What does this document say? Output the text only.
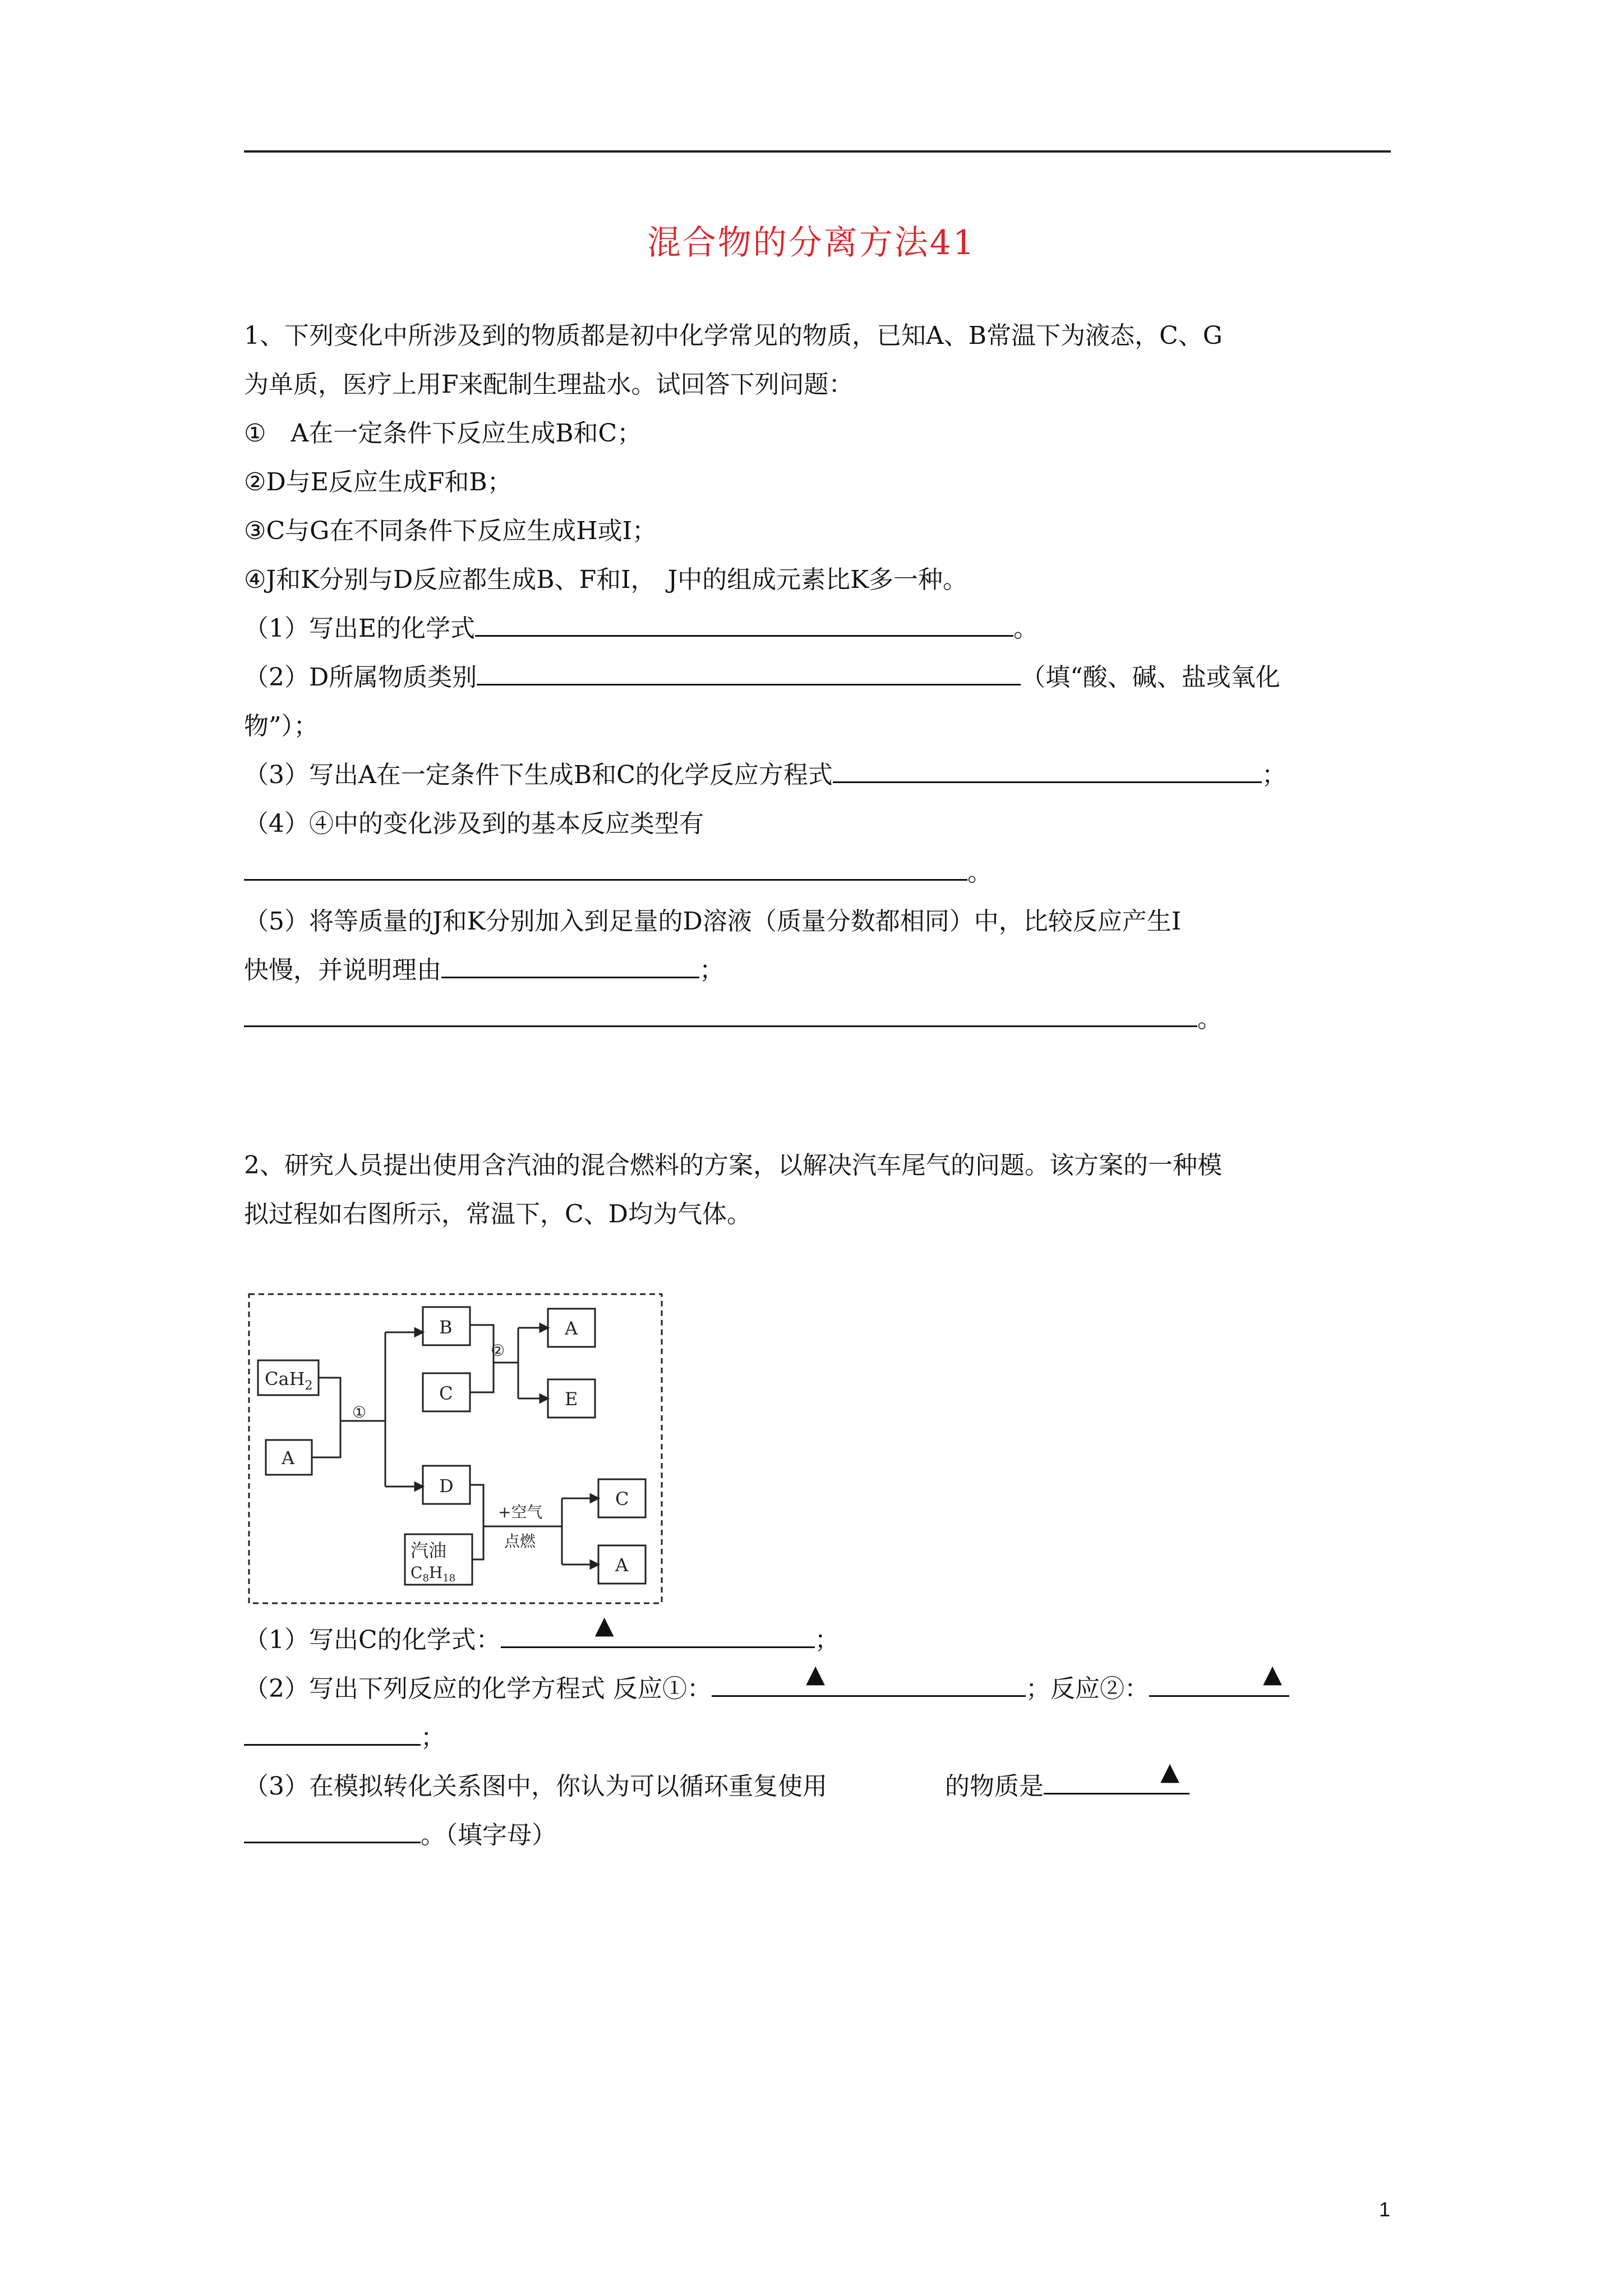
混合物的分离方法41
1、下列变化中所涉及到的物质都是初中化学常见的物质，已知A、B常温下为液态，C、G
为单质，医疗上用F来配制生理盐水。试回答下列问题：
①　A在一定条件下反应生成B和C；
②D与E反应生成F和B；
③C与G在不同条件下反应生成H或I；
④J和K分别与D反应都生成B、F和I，　J中的组成元素比K多一种。
（1）写出E的化学式	。
（2）D所属物质类别	（填“酸、碱、盐或氧化
物”）；
（3）写出A在一定条件下生成B和C的化学反应方程式	；
（4）④中的变化涉及到的基本反应类型有
。
（5）将等质量的J和K分别加入到足量的D溶液（质量分数都相同）中，比较反应产生I
快慢，并说明理由	；
。
2、研究人员提出使用含汽油的混合燃料的方案，以解决汽车尾气的问题。该方案的一种模
拟过程如右图所示，常温下，C、D均为气体。
CaH$_2$
A
B
C
D
汽油
$C_8H_{18}$
A
E
C
A
①
②
+空气
点燃
（1）写出C的化学式：
▲
；
（2）写出下列反应的化学方程式 反应①：
▲
；反应②：
▲
；
（3）在模拟转化关系图中，你认为可以循环重复使用	的物质是
▲
。（填字母）
1
